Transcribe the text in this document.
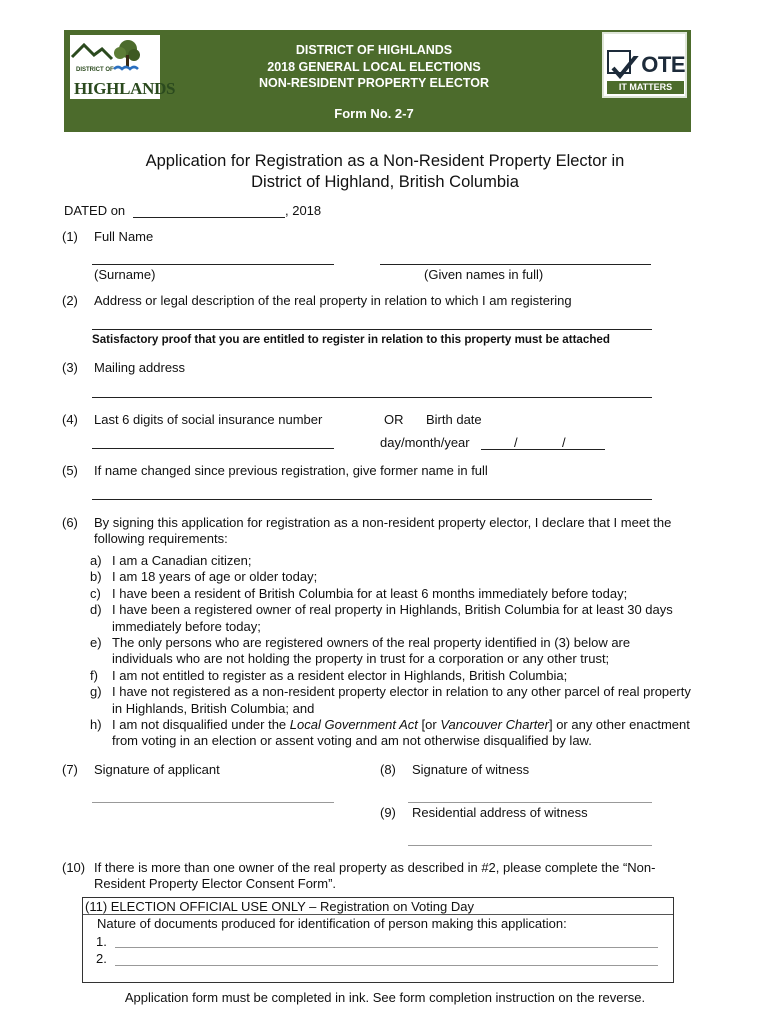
DISTRICT OF
HIGHLANDS
DISTRICT OF HIGHLANDS
2018 GENERAL LOCAL ELECTIONS
NON-RESIDENT PROPERTY ELECTOR
Form No. 2-7
OTE
IT MATTERS
Application for Registration as a Non-Resident Property Elector in
District of Highland, British Columbia
DATED on	, 2018
(1) Full Name
(Surname)	(Given names in full)
(2) Address or legal description of the real property in relation to which I am registering
Satisfactory proof that you are entitled to register in relation to this property must be attached
(3) Mailing address
(4) Last 6 digits of social insurance number	OR Birth date
day/month/year	/	/
(5) If name changed since previous registration, give former name in full
(6) By signing this application for registration as a non-resident property elector, I declare that I meet the following requirements:
a) I am a Canadian citizen;
b) I am 18 years of age or older today;
c) I have been a resident of British Columbia for at least 6 months immediately before today;
d) I have been a registered owner of real property in Highlands, British Columbia for at least 30 days immediately before today;
e) The only persons who are registered owners of the real property identified in (3) below are individuals who are not holding the property in trust for a corporation or any other trust;
f)	I am not entitled to register as a resident elector in Highlands, British Columbia;
g) I have not registered as a non-resident property elector in relation to any other parcel of real property in Highlands, British Columbia; and
h) I am not disqualified under the Local Government Act [or Vancouver Charter] or any other enactment from voting in an election or assent voting and am not otherwise disqualified by law.
(7) Signature of applicant	(8) Signature of witness
(9) Residential address of witness
(10) If there is more than one owner of the real property as described in #2, please complete the “Non-Resident Property Elector Consent Form”.
(11) ELECTION OFFICIAL USE ONLY – Registration on Voting Day
Nature of documents produced for identification of person making this application:
1.
2.
Application form must be completed in ink. See form completion instruction on the reverse.
